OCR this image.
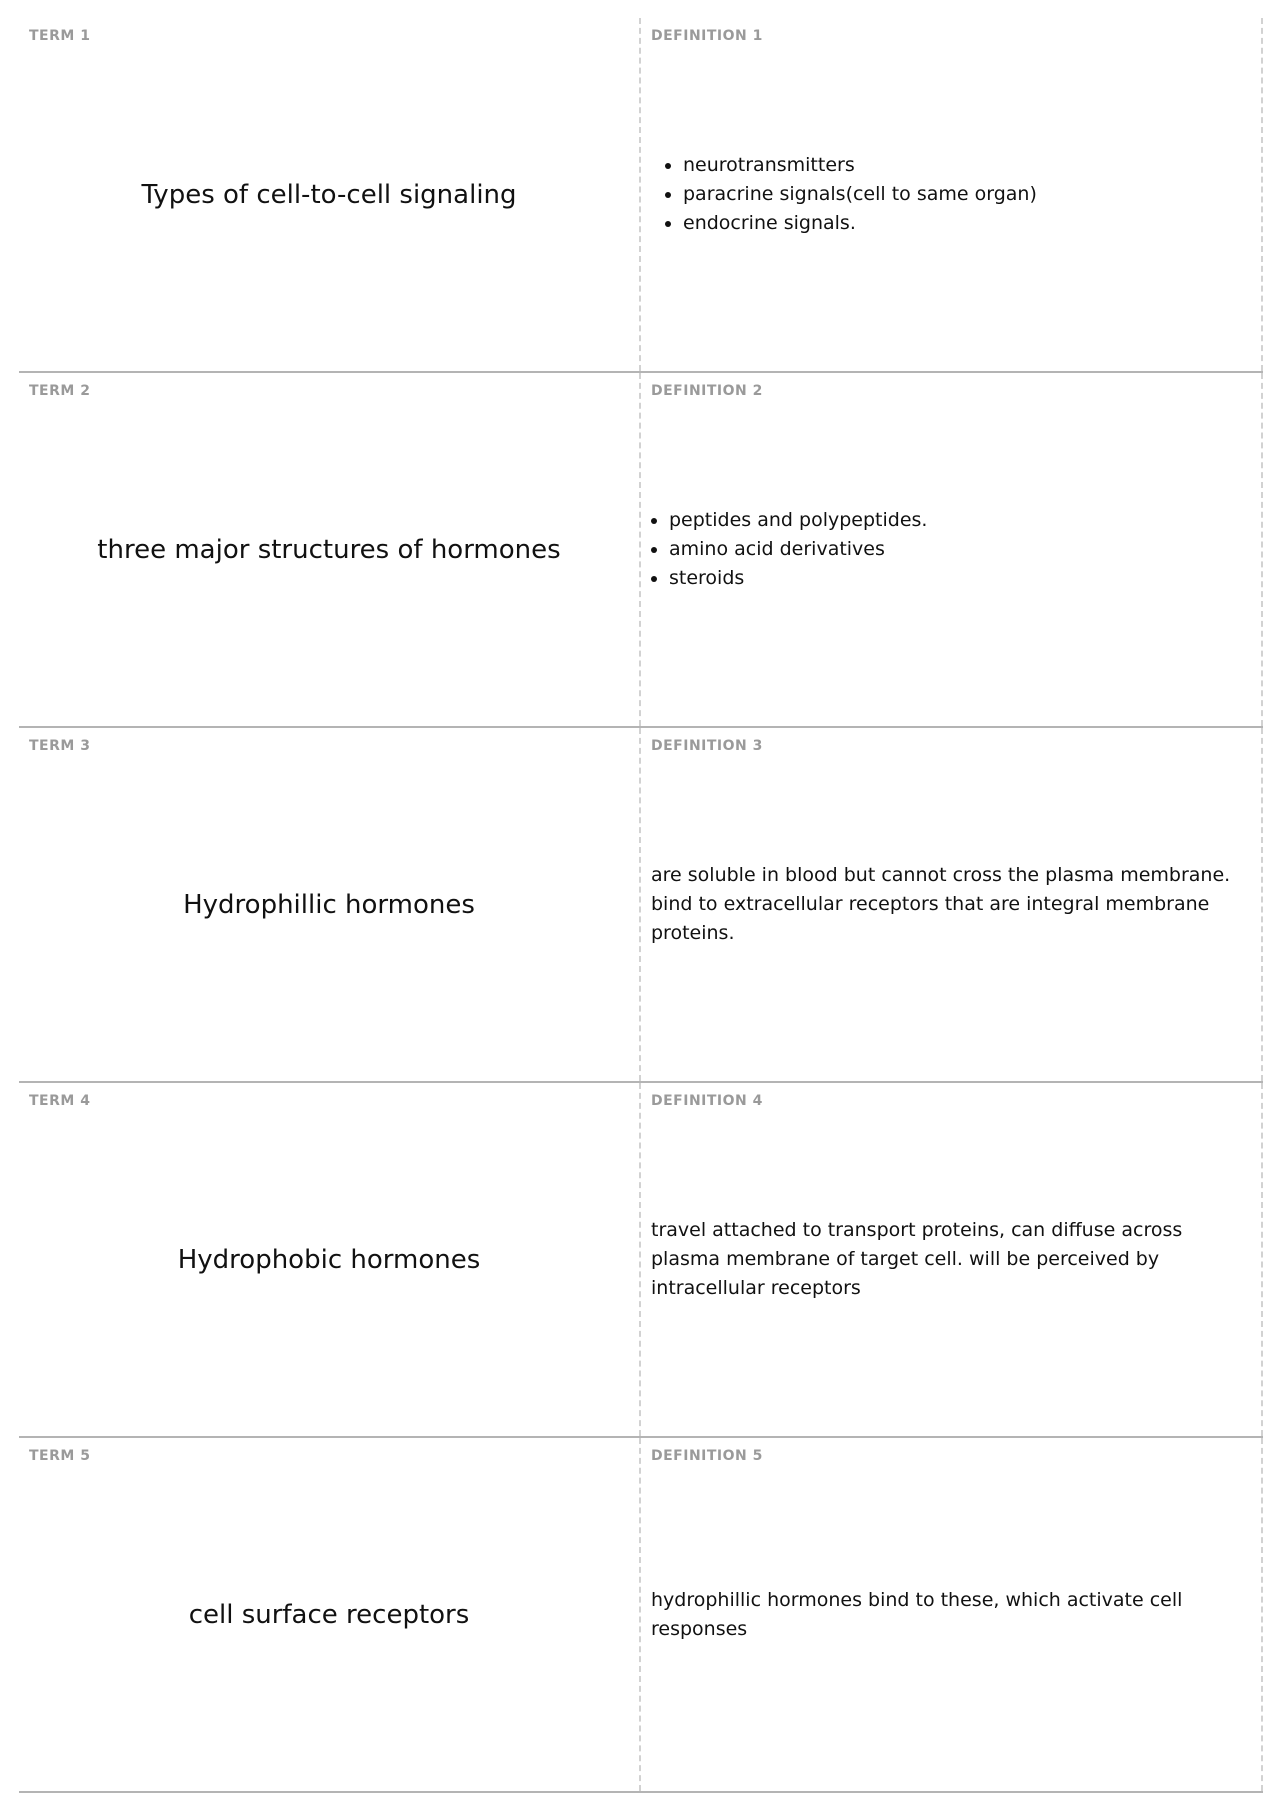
TERM 1
Types of cell-to-cell signaling
DEFINITION 1
• neurotransmitters
• paracrine signals(cell to same organ)
• endocrine signals.
TERM 2
three major structures of hormones
DEFINITION 2
• peptides and polypeptides.
• amino acid derivatives
• steroids
TERM 3
Hydrophillic hormones
DEFINITION 3

are soluble in blood but cannot cross the plasma membrane. bind to extracellular receptors that are integral membrane proteins.

TERM 4
Hydrophobic hormones
DEFINITION 4

travel attached to transport proteins, can diffuse across plasma membrane of target cell. will be perceived by intracellular receptors

TERM 5
cell surface receptors
DEFINITION 5

hydrophillic hormones bind to these, which activate cell responses
